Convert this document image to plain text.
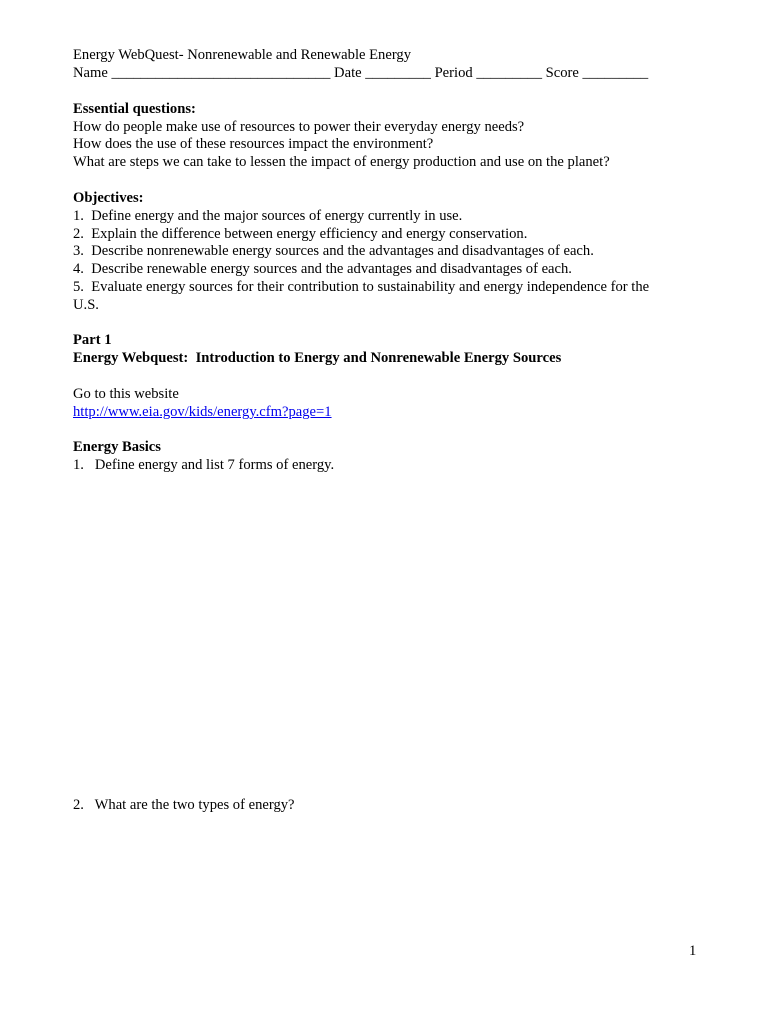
Energy WebQuest- Nonrenewable and Renewable Energy
Name ______________________________ Date _________ Period _________ Score _________
Essential questions:
How do people make use of resources to power their everyday energy needs?
How does the use of these resources impact the environment?
What are steps we can take to lessen the impact of energy production and use on the planet?
Objectives:
1.  Define energy and the major sources of energy currently in use.
2.  Explain the difference between energy efficiency and energy conservation.
3.  Describe nonrenewable energy sources and the advantages and disadvantages of each.
4.  Describe renewable energy sources and the advantages and disadvantages of each.
5.  Evaluate energy sources for their contribution to sustainability and energy independence for the
U.S.
Part 1
Energy Webquest:  Introduction to Energy and Nonrenewable Energy Sources
Go to this website
http://www.eia.gov/kids/energy.cfm?page=1
Energy Basics
1.   Define energy and list 7 forms of energy.
2.   What are the two types of energy?
1
